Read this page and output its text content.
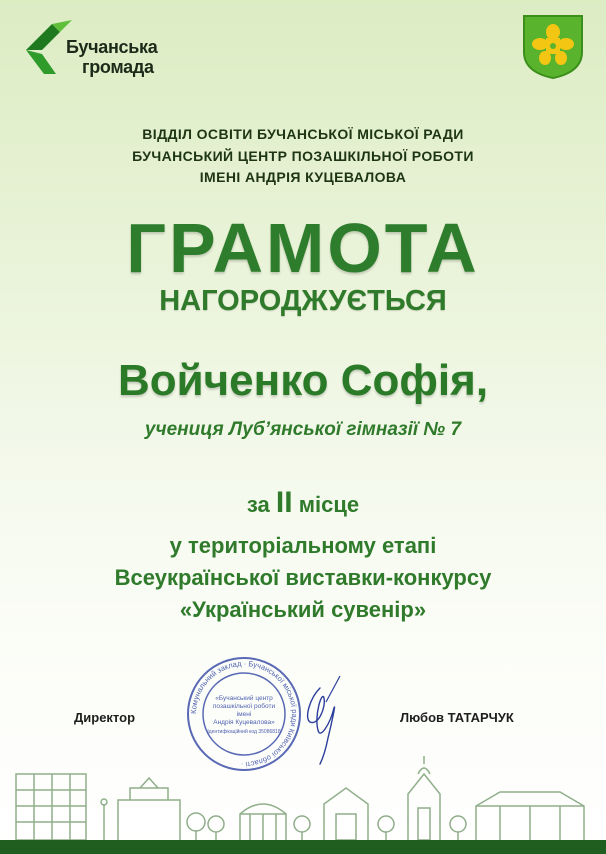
Бучанська
громада
ВІДДІЛ ОСВІТИ БУЧАНСЬКОЇ МІСЬКОЇ РАДИ
БУЧАНСЬКИЙ ЦЕНТР ПОЗАШКІЛЬНОЇ РОБОТИ
ІМЕНІ АНДРІЯ КУЦЕВАЛОВА
ГРАМОТА
НАГОРОДЖУЄТЬСЯ
Войченко Софія,
учениця Луб’янської гімназії № 7
за II місце
у територіальному етапі
Всеукраїнської виставки-конкурсу
«Український сувенір»
Комунальний заклад · Бучанської міської ради Київської області ·
«Бучанський центр
позашкільної роботи
імені
Андрія Куцевалова»
Ідентифікаційний код 35086818
Директор	Любов ТАТАРЧУК
